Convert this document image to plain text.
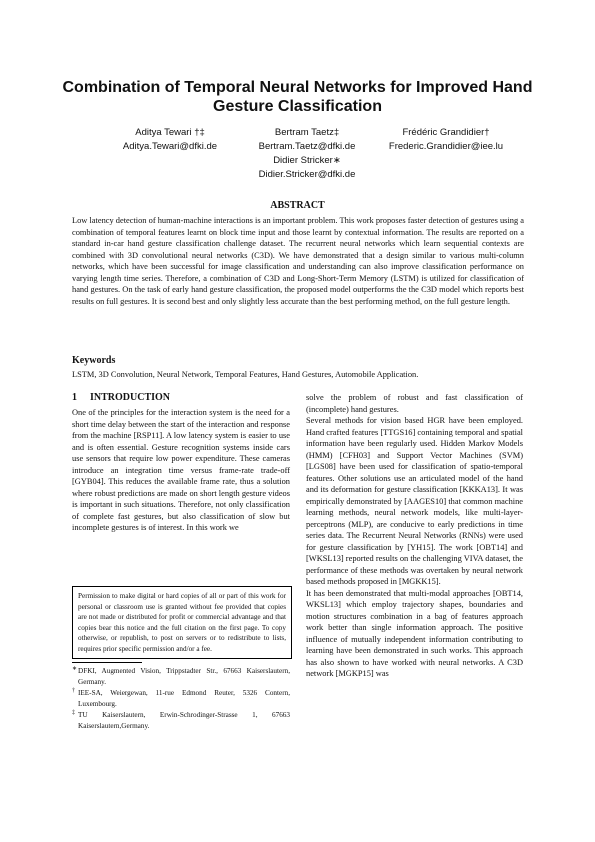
Combination of Temporal Neural Networks for Improved Hand Gesture Classification
Aditya Tewari †‡
Aditya.Tewari@dfki.de
Bertram Taetz‡
Bertram.Taetz@dfki.de
Didier Stricker∗
Didier.Stricker@dfki.de
Frédéric Grandidier†
Frederic.Grandidier@iee.lu
ABSTRACT
Low latency detection of human-machine interactions is an important problem. This work proposes faster detection of gestures using a combination of temporal features learnt on block time input and those learnt by contextual information. The results are reported on a standard in-car hand gesture classification challenge dataset. The recurrent neural networks which learn sequential contexts are combined with 3D convolutional neural networks (C3D). We have demonstrated that a design similar to various multi-column networks, which have been successful for image classification and understanding can also improve classification performance on varying length time series. Therefore, a combination of C3D and Long-Short-Term Memory (LSTM) is utilized for classification of hand gestures. On the task of early hand gesture classification, the proposed model outperforms the the C3D model which reports best results on full gestures. It is second best and only slightly less accurate than the best performing method, on the full gesture length.
Keywords
LSTM, 3D Convolution, Neural Network, Temporal Features, Hand Gestures, Automobile Application.
1 INTRODUCTION
One of the principles for the interaction system is the need for a short time delay between the start of the interaction and response from the machine [RSP11]. A low latency system is easier to use and is often essential. Gesture recognition systems inside cars use sensors that require low power expenditure. These cameras introduce an integration time versus frame-rate trade-off [GYB04]. This reduces the available frame rate, thus a solution where robust predictions are made on short length gesture videos is important in such situations. Therefore, not only classification of complete fast gestures, but also classification of slow but incomplete gestures is of interest. In this work we
Permission to make digital or hard copies of all or part of this work for personal or classroom use is granted without fee provided that copies are not made or distributed for profit or commercial advantage and that copies bear this notice and the full citation on the first page. To copy otherwise, or republish, to post on servers or to redistribute to lists, requires prior specific permission and/or a fee.
∗ DFKI, Augmented Vision, Trippstadter Str., 67663 Kaiserslautern, Germany.
† IEE-SA, Weiergewan, 11-rue Edmond Reuter, 5326 Contern, Luxembourg.
‡ TU Kaiserslautern, Erwin-Schrodinger-Strasse 1, 67663 Kaiserslautern,Germany.

solve the problem of robust and fast classification of (incomplete) hand gestures.

Several methods for vision based HGR have been employed. Hand crafted features [TTGS16] containing temporal and spatial information have been regularly used. Hidden Markov Models (HMM) [CFH03] and Support Vector Machines (SVM) [LGS08] have been used for classification of spatio-temporal features. Other solutions use an articulated model of the hand and its deformation for gesture classification [KKKA13]. It was empirically demonstrated by [AAGES10] that common machine learning methods, neural network models, like multi-layer-perceptrons (MLP), are conducive to early predictions in time series data. The Recurrent Neural Networks (RNNs) were used for gesture classification by [YH15]. The work [OBT14] and [WKSL13] reported results on the challenging VIVA dataset, the performance of these methods was overtaken by neural network based methods proposed in [MGKK15].

It has been demonstrated that multi-modal approaches [OBT14, WKSL13] which employ trajectory shapes, boundaries and motion structures combination in a bag of features approach work better than single information approach. The positive influence of mutually independent information contributing to learning have been demonstrated in such works. This approach has also shown to have worked with neural networks. A C3D network [MGKP15] was
